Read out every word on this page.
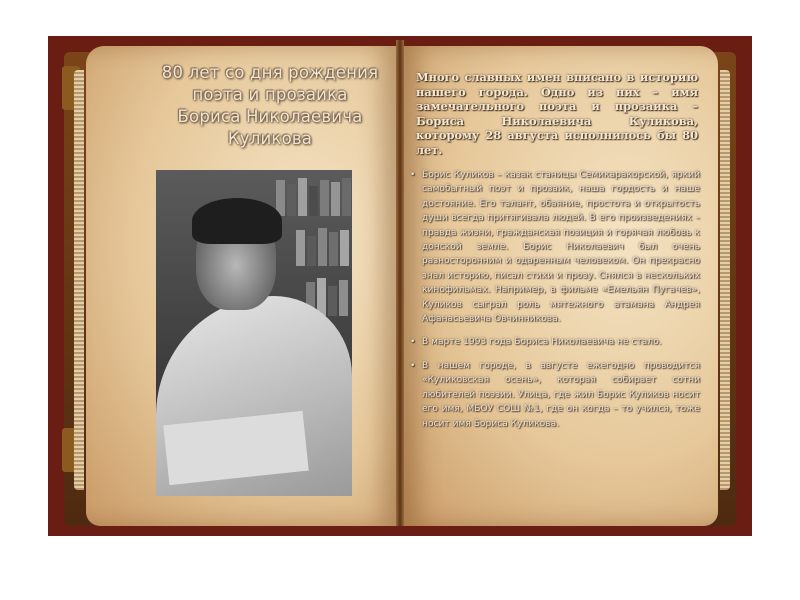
80 лет со дня рождения
поэта и прозаика
Бориса Николаевича
Куликова
Много славных имен вписано в историю нашего города. Одно из них – имя замечательного поэта и прозаика – Бориса Николаевича Куликова, которому 28 августа исполнилось бы 80 лет.
• Борис Куликов – казак станицы Семикаракорской, яркий самобытный поэт и прозаик, наша гордость и наше достояние. Его талант, обаяние, простота и открытость души всегда притягивала людей. В его произведениях – правда жизни, гражданская позиция и горячая любовь к донской земле. Борис Николаевич был очень разносторонним и одаренным человеком. Он прекрасно знал историю, писал стихи и прозу. Снялся в нескольких кинофильмах. Например, в фильме «Емельян Пугачев», Куликов сыграл роль мятежного атамана Андрея Афанасьевича Овчинникова.
• В марте 1993 года Бориса Николаевича не стало.
• В нашем городе, в августе ежегодно проводится «Куликовская осень», которая собирает сотни любителей поэзии. Улица, где жил Борис Куликов носит его имя, МБОУ СОШ №1, где он когда – то учился, тоже носит имя Бориса Куликова.
